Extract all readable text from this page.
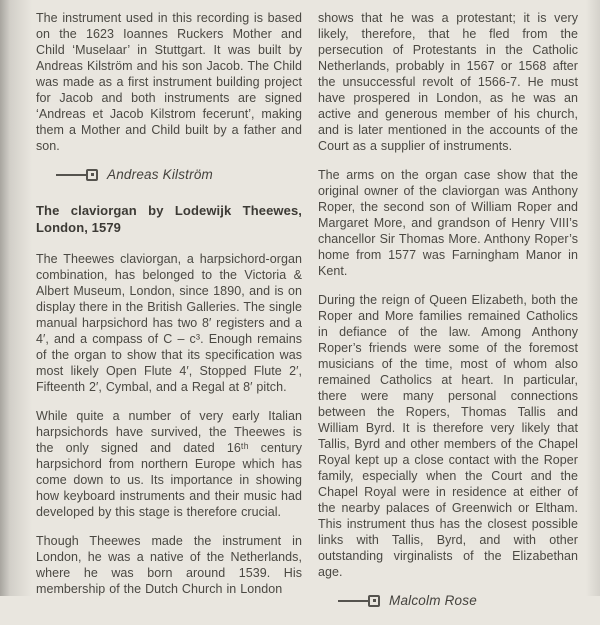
The instrument used in this recording is based on the 1623 Ioannes Ruckers Mother and Child ‘Muselaar’ in Stuttgart. It was built by Andreas Kilström and his son Jacob. The Child was made as a first instrument building project for Jacob and both instruments are signed ‘Andreas et Jacob Kilstrom fecerunt’, making them a Mother and Child built by a father and son.

Andreas Kilström
The claviorgan by Lodewijk Theewes, London, 1579

The Theewes claviorgan, a harpsichord-organ combination, has belonged to the Victoria & Albert Museum, London, since 1890, and is on display there in the British Galleries. The single manual harpsichord has two 8′ registers and a 4′, and a compass of C – c³. Enough remains of the organ to show that its specification was most likely Open Flute 4′, Stopped Flute 2′, Fifteenth 2′, Cymbal, and a Regal at 8′ pitch.

While quite a number of very early Italian harpsichords have survived, the Theewes is the only signed and dated 16ᵗʰ century harpsichord from northern Europe which has come down to us. Its importance in showing how keyboard instruments and their music had developed by this stage is therefore crucial.

Though Theewes made the instrument in London, he was a native of the Netherlands, where he was born around 1539. His membership of the Dutch Church in London

shows that he was a protestant; it is very likely, therefore, that he fled from the persecution of Protestants in the Catholic Netherlands, probably in 1567 or 1568 after the unsuccessful revolt of 1566-7. He must have prospered in London, as he was an active and generous member of his church, and is later mentioned in the accounts of the Court as a supplier of instruments.

The arms on the organ case show that the original owner of the claviorgan was Anthony Roper, the second son of William Roper and Margaret More, and grandson of Henry VIII’s chancellor Sir Thomas More. Anthony Roper’s home from 1577 was Farningham Manor in Kent.

During the reign of Queen Elizabeth, both the Roper and More families remained Catholics in defiance of the law. Among Anthony Roper’s friends were some of the foremost musicians of the time, most of whom also remained Catholics at heart. In particular, there were many personal connections between the Ropers, Thomas Tallis and William Byrd. It is therefore very likely that Tallis, Byrd and other members of the Chapel Royal kept up a close contact with the Roper family, especially when the Court and the Chapel Royal were in residence at either of the nearby palaces of Greenwich or Eltham. This instrument thus has the closest possible links with Tallis, Byrd, and with other outstanding virginalists of the Elizabethan age.

Malcolm Rose
